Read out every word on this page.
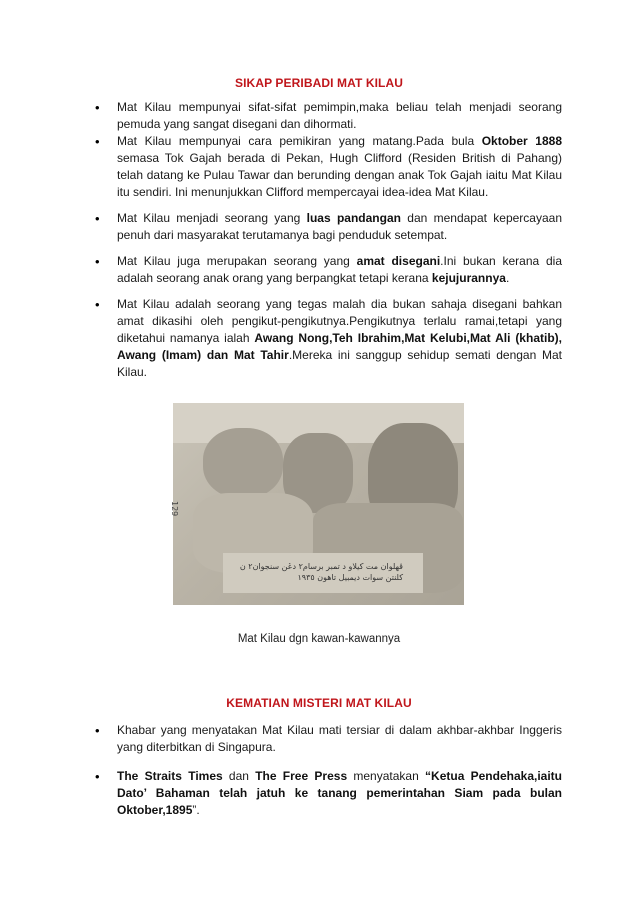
SIKAP PERIBADI MAT KILAU
• Mat Kilau mempunyai sifat-sifat pemimpin,maka beliau telah menjadi seorang pemuda yang sangat disegani dan dihormati.
• Mat Kilau mempunyai cara pemikiran yang matang.Pada bula Oktober 1888 semasa Tok Gajah berada di Pekan, Hugh Clifford (Residen British di Pahang) telah datang ke Pulau Tawar dan berunding dengan anak Tok Gajah iaitu Mat Kilau itu sendiri. Ini menunjukkan Clifford mempercayai idea-idea Mat Kilau.
• Mat Kilau menjadi seorang yang luas pandangan dan mendapat kepercayaan penuh dari masyarakat terutamanya bagi penduduk setempat.
• Mat Kilau juga merupakan seorang yang amat disegani.Ini bukan kerana dia adalah seorang anak orang yang berpangkat tetapi kerana kejujurannya.
• Mat Kilau adalah seorang yang tegas malah dia bukan sahaja disegani bahkan amat dikasihi oleh pengikut-pengikutnya.Pengikutnya terlalu ramai,tetapi yang diketahui namanya ialah Awang Nong,Teh Ibrahim,Mat Kelubi,Mat Ali (khatib), Awang (Imam) dan Mat Tahir.Mereka ini sanggup sehidup semati dengan Mat Kilau.
ڤهلوان مت كيلاو د تمبر برسام٢ دڠن سنجوان٢ ن كلنتن سوات ديمبيل تاهون ١٩٣٥
129
Mat Kilau dgn kawan-kawannya
KEMATIAN MISTERI MAT KILAU
• Khabar yang menyatakan Mat Kilau mati tersiar di dalam akhbar-akhbar Inggeris yang diterbitkan di Singapura.
• The Straits Times dan The Free Press menyatakan “Ketua Pendehaka,iaitu Dato’ Bahaman telah jatuh ke tanang pemerintahan Siam pada bulan Oktober,1895”.
